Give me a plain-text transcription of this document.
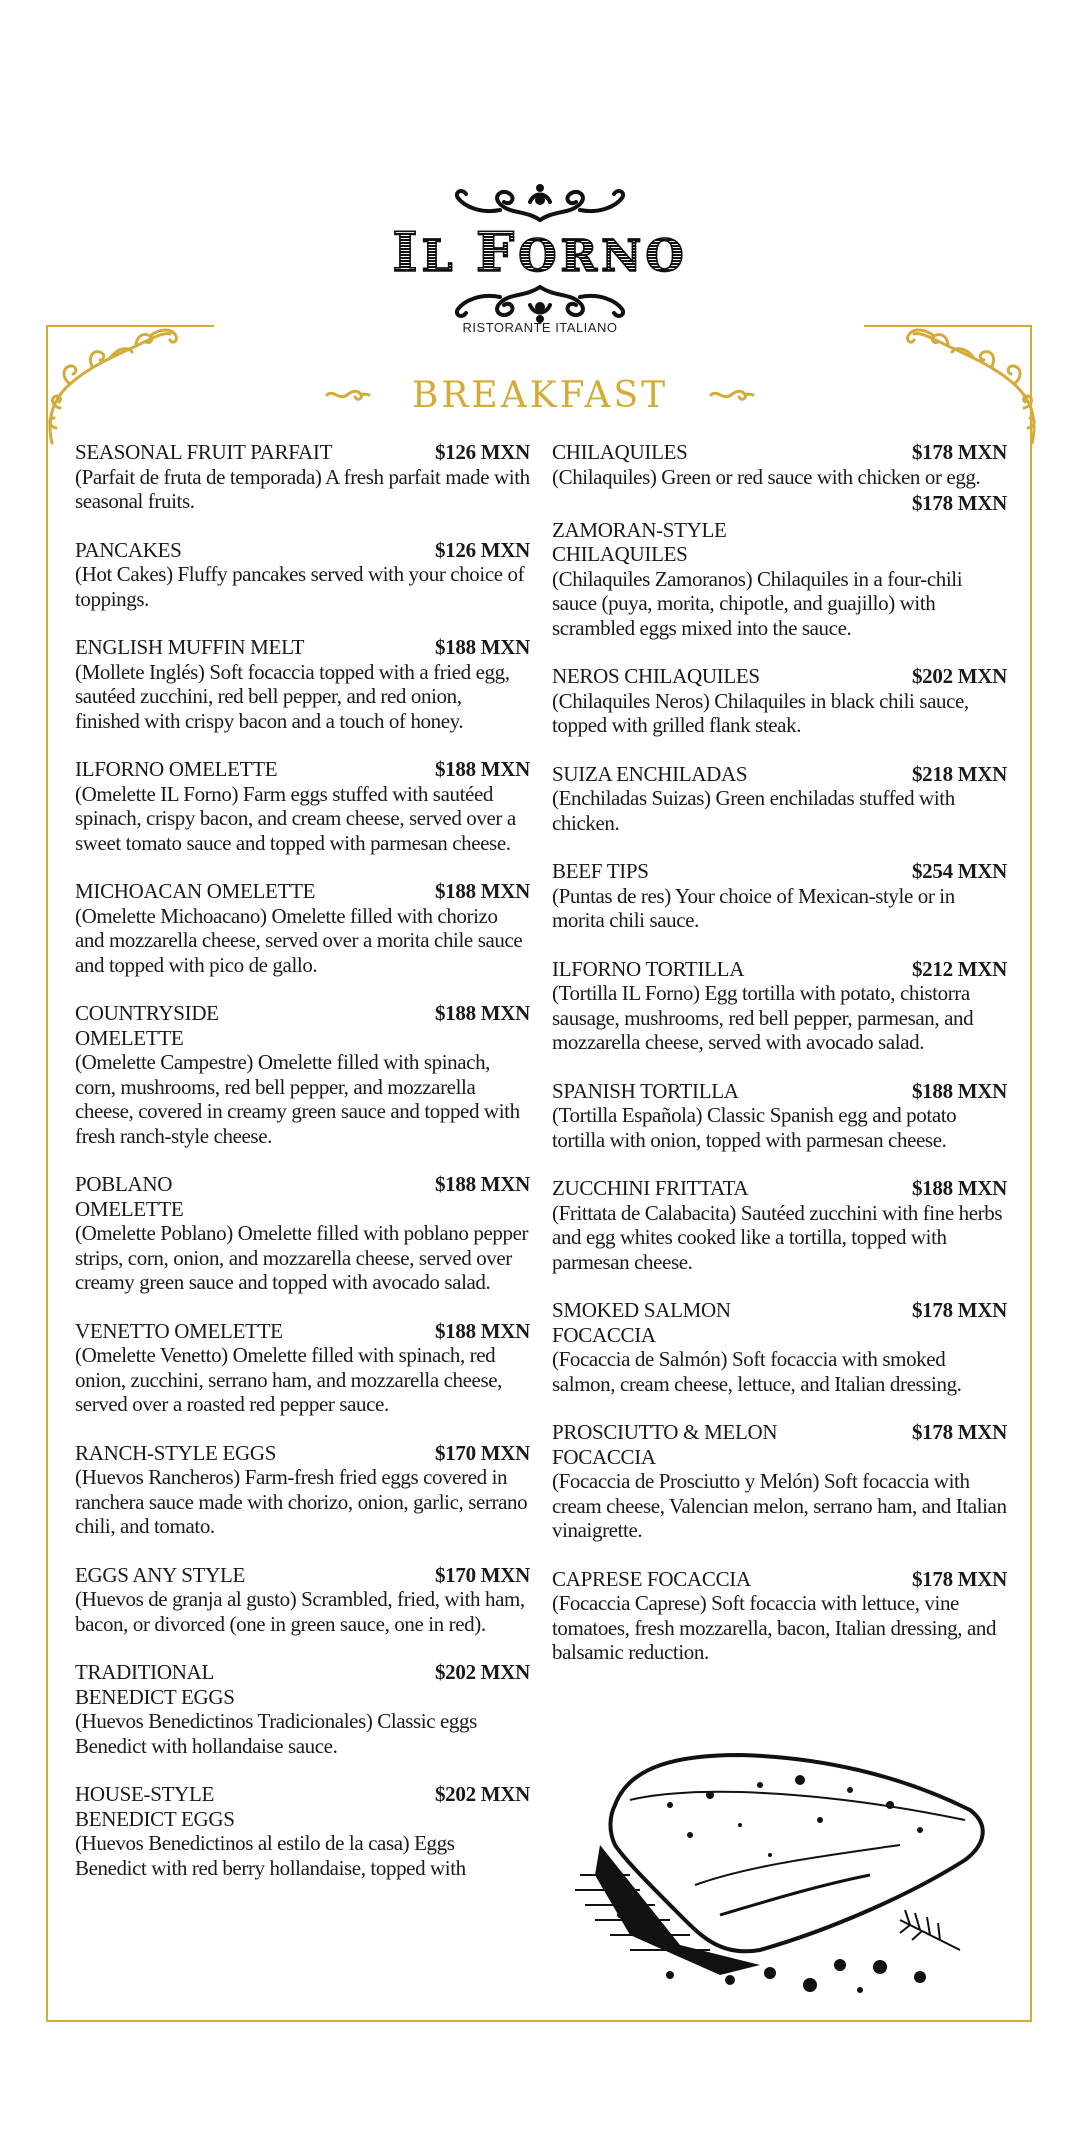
IL FORNO
RISTORANTE ITALIANO
BREAKFAST
SEASONAL FRUIT PARFAIT	$126 MXN
(Parfait de fruta de temporada) A fresh parfait made with seasonal fruits.
PANCAKES	$126 MXN
(Hot Cakes) Fluffy pancakes served with your choice of toppings.
ENGLISH MUFFIN MELT	$188 MXN
(Mollete Inglés) Soft focaccia topped with a fried egg, sautéed zucchini, red bell pepper, and red onion, finished with crispy bacon and a touch of honey.
ILFORNO OMELETTE	$188 MXN
(Omelette IL Forno) Farm eggs stuffed with sautéed spinach, crispy bacon, and cream cheese, served over a sweet tomato sauce and topped with parmesan cheese.
MICHOACAN OMELETTE	$188 MXN
(Omelette Michoacano) Omelette filled with chorizo and mozzarella cheese, served over a morita chile sauce and topped with pico de gallo.
COUNTRYSIDE OMELETTE
$188 MXN
(Omelette Campestre) Omelette filled with spinach, corn, mushrooms, red bell pepper, and mozzarella cheese, covered in creamy green sauce and topped with fresh ranch-style cheese.
POBLANO OMELETTE
$188 MXN
(Omelette Poblano) Omelette filled with poblano pepper strips, corn, onion, and mozzarella cheese, served over creamy green sauce and topped with avocado salad.
VENETTO OMELETTE	$188 MXN
(Omelette Venetto) Omelette filled with spinach, red onion, zucchini, serrano ham, and mozzarella cheese, served over a roasted red pepper sauce.
RANCH-STYLE EGGS	$170 MXN
(Huevos Rancheros) Farm-fresh fried eggs covered in ranchera sauce made with chorizo, onion, garlic, serrano chili, and tomato.
EGGS ANY STYLE	$170 MXN
(Huevos de granja al gusto) Scrambled, fried, with ham, bacon, or divorced (one in green sauce, one in red).
TRADITIONAL BENEDICT EGGS
$202 MXN
(Huevos Benedictinos Tradicionales) Classic eggs Benedict with hollandaise sauce.
HOUSE-STYLE BENEDICT EGGS
$202 MXN
(Huevos Benedictinos al estilo de la casa) Eggs Benedict with red berry hollandaise, topped with
CHILAQUILES	$178 MXN
(Chilaquiles) Green or red sauce with chicken or egg.
ZAMORAN-STYLE CHILAQUILES
$178 MXN
(Chilaquiles Zamoranos) Chilaquiles in a four-chili sauce (puya, morita, chipotle, and guajillo) with scrambled eggs mixed into the sauce.
NEROS CHILAQUILES	$202 MXN
(Chilaquiles Neros) Chilaquiles in black chili sauce, topped with grilled flank steak.
SUIZA ENCHILADAS	$218 MXN
(Enchiladas Suizas) Green enchiladas stuffed with chicken.
BEEF TIPS	$254 MXN
(Puntas de res) Your choice of Mexican-style or in morita chili sauce.
ILFORNO TORTILLA	$212 MXN
(Tortilla IL Forno) Egg tortilla with potato, chistorra sausage, mushrooms, red bell pepper, parmesan, and mozzarella cheese, served with avocado salad.
SPANISH TORTILLA	$188 MXN
(Tortilla Española) Classic Spanish egg and potato tortilla with onion, topped with parmesan cheese.
ZUCCHINI FRITTATA	$188 MXN
(Frittata de Calabacita) Sautéed zucchini with fine herbs and egg whites cooked like a tortilla, topped with parmesan cheese.
SMOKED SALMON FOCACCIA
$178 MXN
(Focaccia de Salmón) Soft focaccia with smoked salmon, cream cheese, lettuce, and Italian dressing.
PROSCIUTTO & MELON FOCACCIA
$178 MXN
(Focaccia de Prosciutto y Melón) Soft focaccia with cream cheese, Valencian melon, serrano ham, and Italian vinaigrette.
CAPRESE FOCACCIA	$178 MXN
(Focaccia Caprese) Soft focaccia with lettuce, vine tomatoes, fresh mozzarella, bacon, Italian dressing, and balsamic reduction.
